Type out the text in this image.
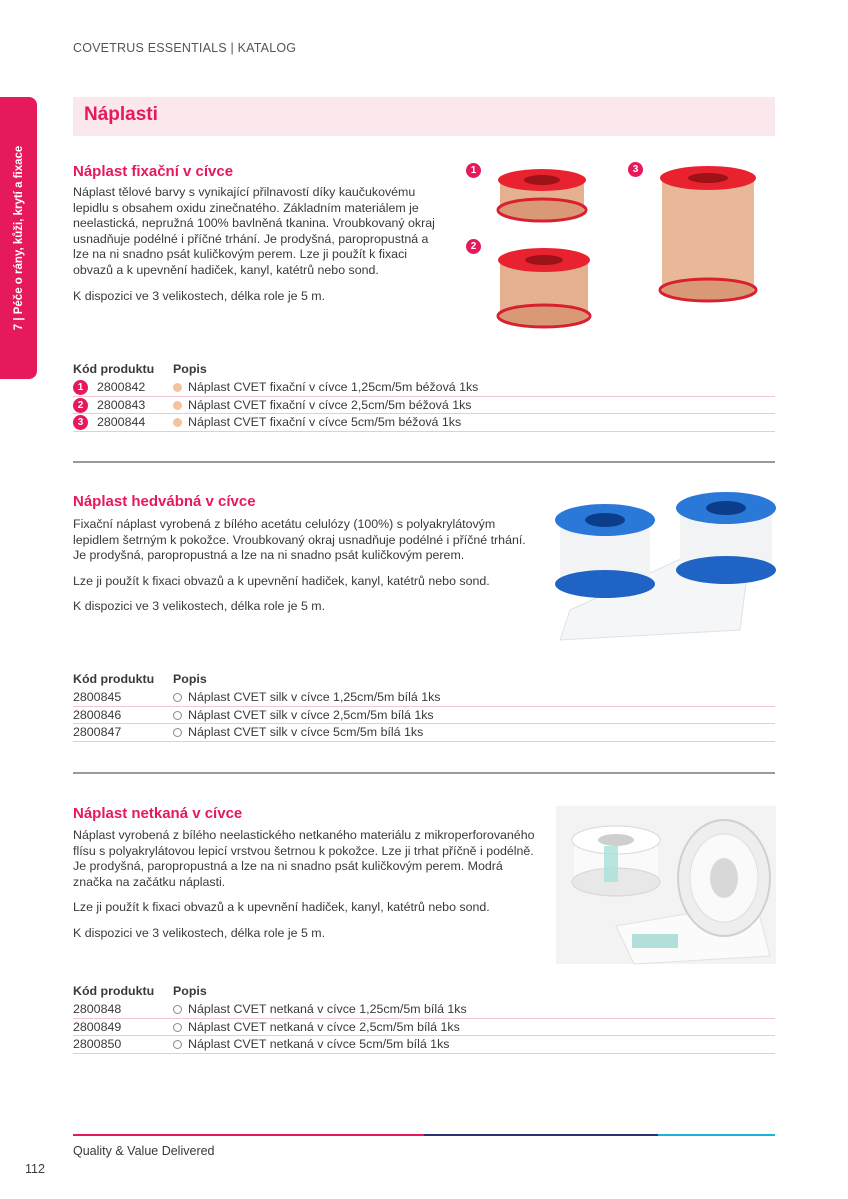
COVETRUS ESSENTIALS | KATALOG
7 | Péče o rány, kůži, krytí a fixace
Náplasti
Náplast fixační v cívce

Náplast tělové barvy s vynikající přilnavostí díky kaučukovému lepidlu s obsahem oxidu zinečnatého. Základním materiálem je neelastická, nepružná 100% bavlněná tkanina. Vroubkovaný okraj usnadňuje podélné i příčné trhání. Je prodyšná, paropropustná a lze na ni snadno psát kuličkovým perem. Lze ji použít k fixaci obvazů a k upevnění hadiček, kanyl, katétrů nebo sond.

K dispozici ve 3 velikostech, délka role je 5 m.

1
2
3
Kód produktu Popis
1	2800842	Náplast CVET fixační v cívce 1,25cm/5m béžová 1ks
2	2800843	Náplast CVET fixační v cívce 2,5cm/5m béžová 1ks
3	2800844	Náplast CVET fixační v cívce 5cm/5m béžová 1ks
Náplast hedvábná v cívce

Fixační náplast vyrobená z bílého acetátu celulózy (100%) s polyakrylátovým lepidlem šetrným k pokožce. Vroubkovaný okraj usnadňuje podélné i příčné trhání. Je prodyšná, paropropustná a lze na ni snadno psát kuličkovým perem.

Lze ji použít k fixaci obvazů a k upevnění hadiček, kanyl, katétrů nebo sond.

K dispozici ve 3 velikostech, délka role je 5 m.

Kód produktu Popis
2800845	Náplast CVET silk v cívce 1,25cm/5m bílá 1ks
2800846	Náplast CVET silk v cívce 2,5cm/5m bílá 1ks
2800847	Náplast CVET silk v cívce 5cm/5m bílá 1ks
Náplast netkaná v cívce

Náplast vyrobená z bílého neelastického netkaného materiálu z mikroperforovaného flísu s polyakrylátovou lepicí vrstvou šetrnou k pokožce. Lze ji trhat příčně i podélně. Je prodyšná, paropropustná a lze na ni snadno psát kuličkovým perem. Modrá značka na začátku náplasti.

Lze ji použít k fixaci obvazů a k upevnění hadiček, kanyl, katétrů nebo sond.

K dispozici ve 3 velikostech, délka role je 5 m.

Kód produktu Popis
2800848	Náplast CVET netkaná v cívce 1,25cm/5m bílá 1ks
2800849	Náplast CVET netkaná v cívce 2,5cm/5m bílá 1ks
2800850	Náplast CVET netkaná v cívce 5cm/5m bílá 1ks
Quality & Value Delivered
112
